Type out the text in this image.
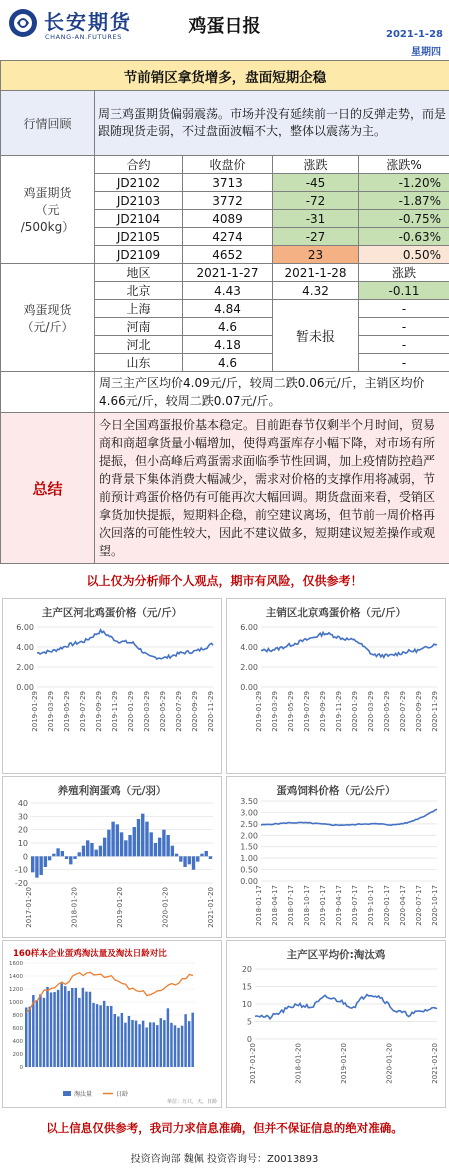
长安期货
CHANG-AN.FUTURES	鸡蛋日报	2021-1-28
星期四
节前销区拿货增多，盘面短期企稳				
行情回顾	周三鸡蛋期货偏弱震荡。市场并没有延续前一日的反弹走势，而是跟随现货走弱，不过盘面波幅不大，整体以震荡为主。			

鸡蛋期货
（元
/500kg）	合约	收盘价	涨跌	涨跌%
	JD2102	3713	-45	-1.20%
	JD2103	3772	-72	-1.87%
	JD2104	4089	-31	-0.75%
	JD2105	4274	-27	-0.63%
	JD2109	4652	23	0.50%

鸡蛋现货
（元/斤）	地区	2021-1-27	2021-1-28	涨跌
	北京	4.43	4.32	-0.11
	上海	4.84	暂未报	-
	河南	4.6		-
	河北	4.18		-
	山东	4.6		-
	周三主产区均价4.09元/斤，较周二跌0.06元/斤，主销区均价4.66元/斤，较周二跌0.07元/斤。			
总结	今日全国鸡蛋报价基本稳定。目前距春节仅剩半个月时间，贸易商和商超拿货量小幅增加，使得鸡蛋库存小幅下降，对市场有所提振，但小高峰后鸡蛋需求面临季节性回调，加上疫情防控趋严的背景下集体消费大幅减少，需求对价格的支撑作用将减弱，节前预计鸡蛋价格仍有可能再次大幅回调。期货盘面来看，受销区拿货加快提振，短期料企稳，前空建议离场，但节前一周价格再次回落的可能性较大，因此不建议做多，短期建议短差操作或观望。			
以上仅为分析师个人观点，期市有风险，仅供参考！
主产区河北鸡蛋价格（元/斤）
0.00
2.00
4.00
6.00
2019-01-29 2019-03-29 2019-05-29 2019-07-29 2019-09-29 2019-11-29 2020-01-29 2020-03-29 2020-05-29 2020-07-29 2020-09-29 2020-11-29
主销区北京鸡蛋价格（元/斤）
0.00
2.00
4.00
6.00
2019-01-29 2019-03-29 2019-05-29 2019-07-29 2019-09-29 2019-11-29 2020-01-29 2020-03-29 2020-05-29 2020-07-29 2020-09-29 2020-11-29
养殖利润蛋鸡（元/羽）
-20
-10
0
10
20
30
40
2017-01-20	2018-01-20	2019-01-20	2020-01-20	2021-01-20
蛋鸡饲料价格（元/公斤）
0.00
0.50
1.00
1.50
2.00
2.50
3.00
3.50
2018-01-17 2018-04-17 2018-07-17 2018-10-17 2019-01-17 2019-04-17 2019-07-17 2019-10-17 2020-01-17 2020-04-17 2020-07-17 2020-10-17
160样本企业蛋鸡淘汰量及淘汰日龄对比
0
200
400
600
800
1000
1200
1400
1600
淘汰量	日龄
单位：万只，天，日龄
主产区平均价:淘汰鸡
0
5
10
15
20
2017-01-20	2018-01-20	2019-01-20	2020-01-20	2021-01-20
以上信息仅供参考，我司力求信息准确，但并不保证信息的绝对准确。
投资咨询部 魏佩 投资咨询号：Z0013893
